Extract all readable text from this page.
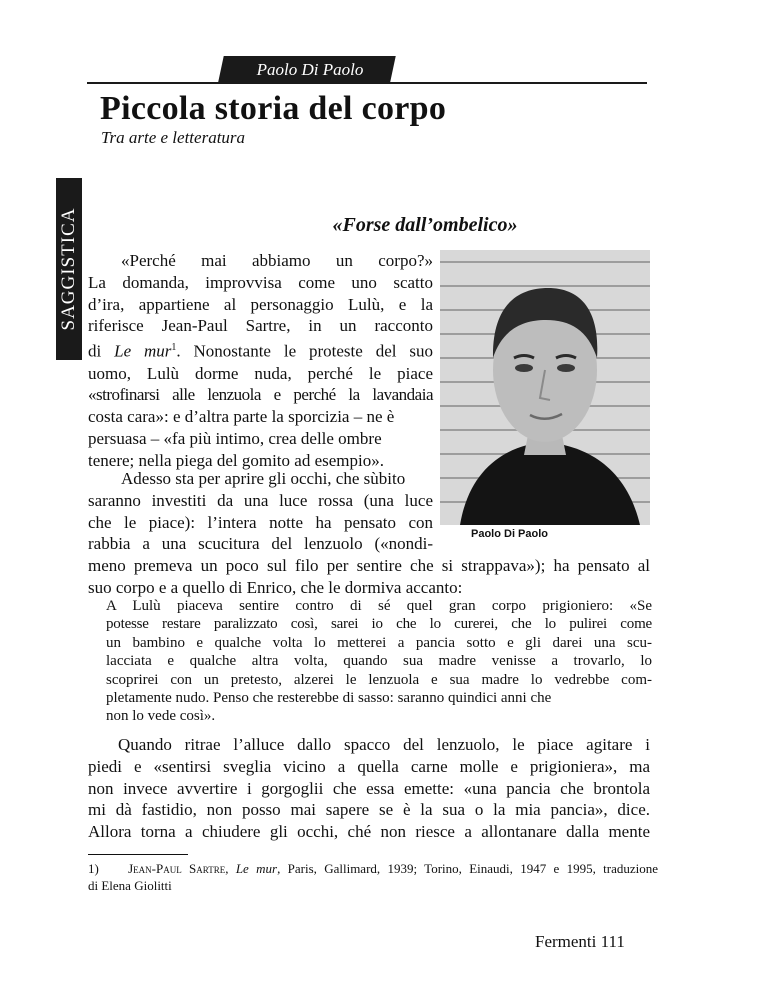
Paolo Di Paolo
SAGGISTICA
Piccola storia del corpo
Tra arte e letteratura
«Forse dall’ombelico»
Paolo Di Paolo
«Perché mai abbiamo un corpo?»
La domanda, improvvisa come uno scatto
d’ira, appartiene al personaggio Lulù, e la
riferisce Jean-Paul Sartre, in un racconto
di Le mur$^1$. Nonostante le proteste del suo
uomo, Lulù dorme nuda, perché le piace
«strofinarsi alle lenzuola e perché la lavandaia
costa cara»: e d’altra parte la sporcizia – ne è
persuasa – «fa più intimo, crea delle ombre
tenere; nella piega del gomito ad esempio».
Adesso sta per aprire gli occhi, che sùbito
saranno investiti da una luce rossa (una luce
che le piace): l’intera notte ha pensato con
rabbia a una scucitura del lenzuolo («nondi-
meno premeva un poco sul filo per sentire che si strappava»); ha pensato al
suo corpo e a quello di Enrico, che le dormiva accanto:
A Lulù piaceva sentire contro di sé quel gran corpo prigioniero: «Se
potesse restare paralizzato così, sarei io che lo curerei, che lo pulirei come
un bambino e qualche volta lo metterei a pancia sotto e gli darei una scu-
lacciata e qualche altra volta, quando sua madre venisse a trovarlo, lo
scoprirei con un pretesto, alzerei le lenzuola e sua madre lo vedrebbe com-
pletamente nudo. Penso che resterebbe di sasso: saranno quindici anni che
non lo vede così».
Quando ritrae l’alluce dallo spacco del lenzuolo, le piace agitare i
piedi e «sentirsi sveglia vicino a quella carne molle e prigioniera», ma
non invece avvertire i gorgoglii che essa emette: «una pancia che brontola
mi dà fastidio, non posso mai sapere se è la sua o la mia pancia», dice.
Allora torna a chiudere gli occhi, ché non riesce a allontanare dalla mente
1) Jean-Paul Sartre, Le mur, Paris, Gallimard, 1939; Torino, Einaudi, 1947 e 1995, traduzione
di Elena Giolitti
Fermenti 111
